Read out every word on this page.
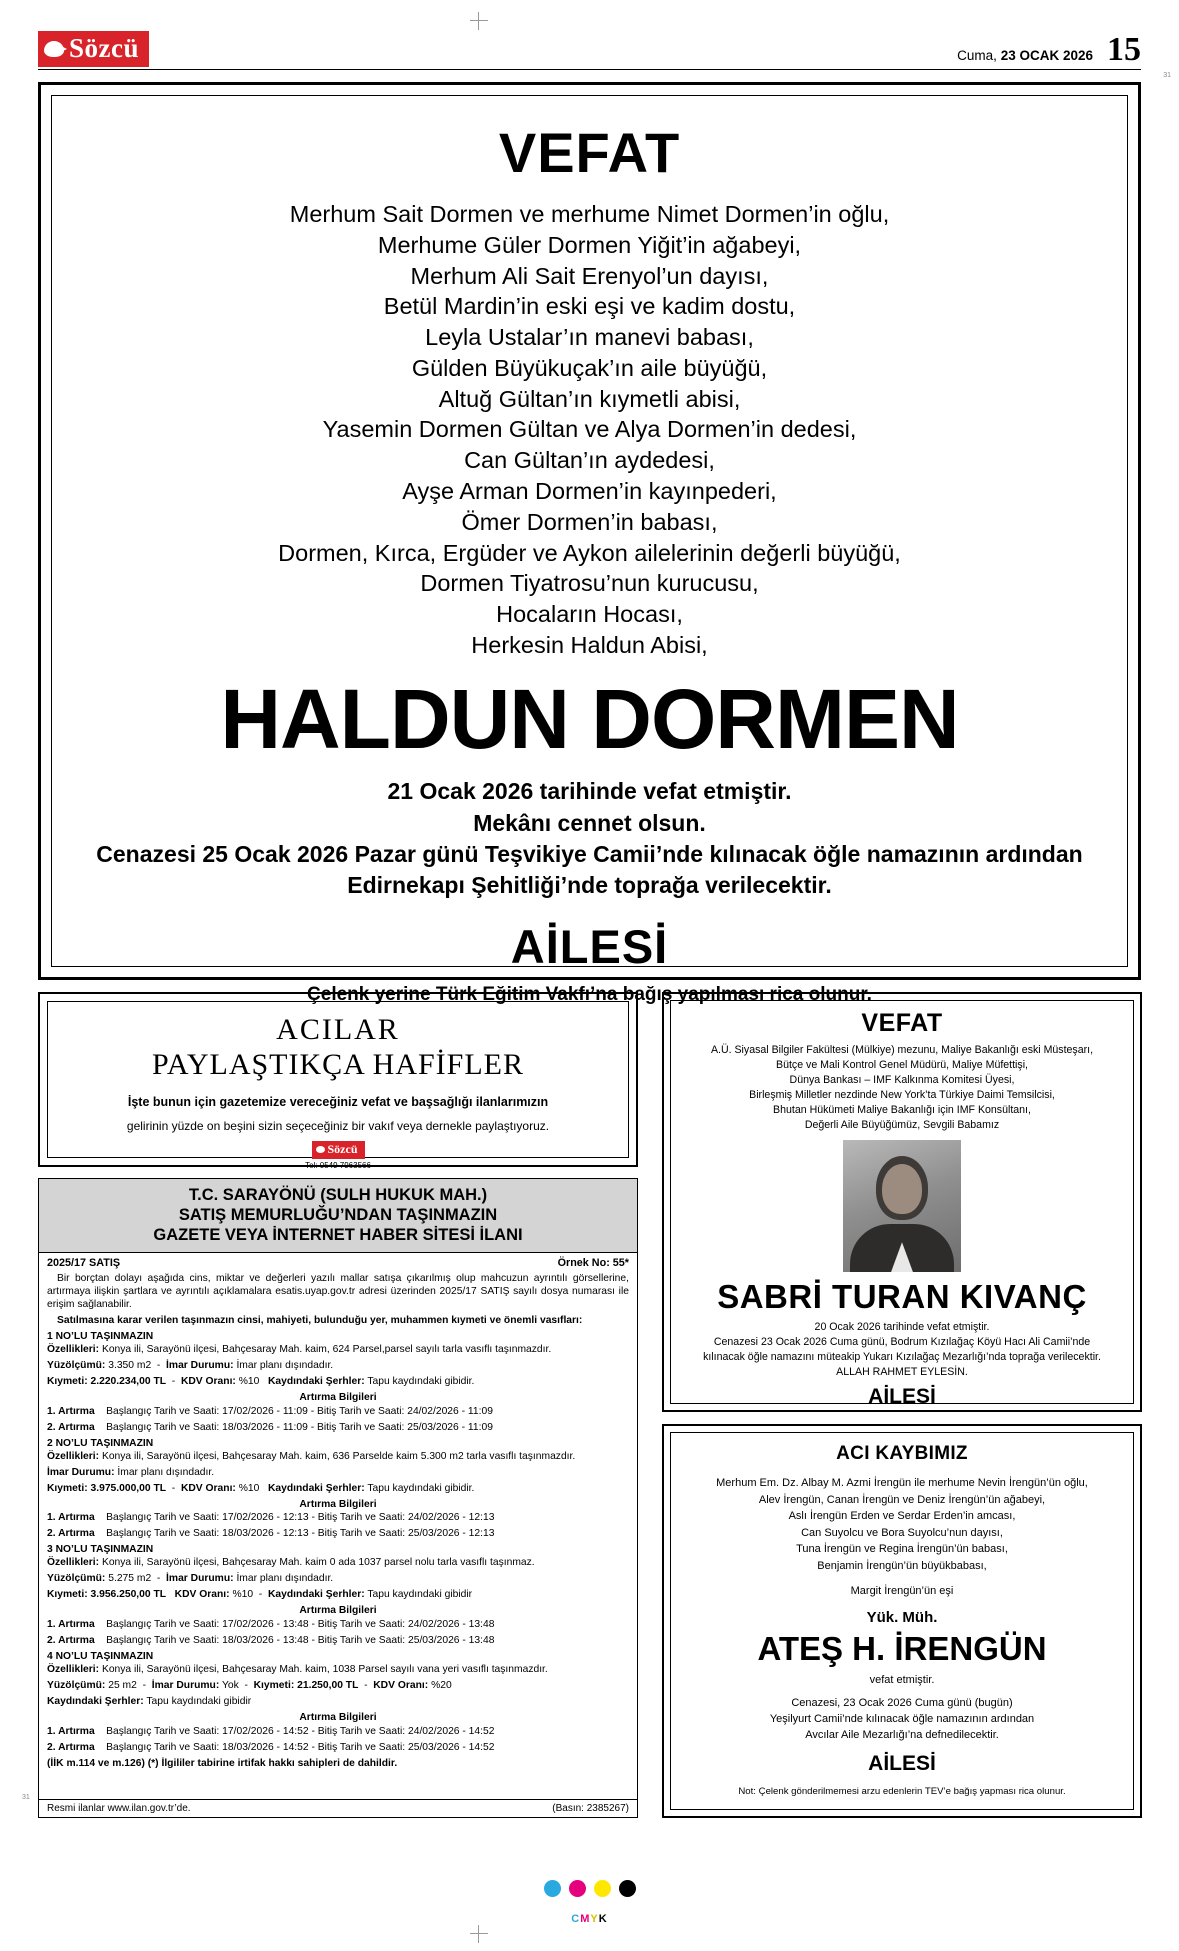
31
31
Sözcü	Cuma, 23 OCAK 2026 15
VEFAT
Merhum Sait Dormen ve merhume Nimet Dormen’in oğlu,
Merhume Güler Dormen Yiğit’in ağabeyi,
Merhum Ali Sait Erenyol’un dayısı,
Betül Mardin’in eski eşi ve kadim dostu,
Leyla Ustalar’ın manevi babası,
Gülden Büyükuçak’ın aile büyüğü,
Altuğ Gültan’ın kıymetli abisi,
Yasemin Dormen Gültan ve Alya Dormen’in dedesi,
Can Gültan’ın aydedesi,
Ayşe Arman Dormen’in kayınpederi,
Ömer Dormen’in babası,
Dormen, Kırca, Ergüder ve Aykon ailelerinin değerli büyüğü,
Dormen Tiyatrosu’nun kurucusu,
Hocaların Hocası,
Herkesin Haldun Abisi,
HALDUN DORMEN
21 Ocak 2026 tarihinde vefat etmiştir.
Mekânı cennet olsun.
Cenazesi 25 Ocak 2026 Pazar günü Teşvikiye Camii’nde kılınacak öğle namazının ardından
Edirnekapı Şehitliği’nde toprağa verilecektir.
AİLESİ
Çelenk yerine Türk Eğitim Vakfı’na bağış yapılması rica olunur.
ACILAR
PAYLAŞTIKÇA HAFİFLER
İşte bunun için gazetemize vereceğiniz vefat ve başsağlığı ilanlarımızın
gelirinin yüzde on beşini sizin seçeceğiniz bir vakıf veya dernekle paylaştıyoruz.
Sözcü
Tel: 0549 7963566
T.C. SARAYÖNÜ (SULH HUKUK MAH.)
SATIŞ MEMURLUĞU’NDAN TAŞINMAZIN
GAZETE VEYA İNTERNET HABER SİTESİ İLANI
2025/17 SATIŞ	Örnek No: 55*

Bir borçtan dolayı aşağıda cins, miktar ve değerleri yazılı mallar satışa çıkarılmış olup mahcuzun ayrıntılı görsellerine, artırmaya ilişkin şartlara ve ayrıntılı açıklamalara esatis.uyap.gov.tr adresi üzerinden 2025/17 SATIŞ sayılı dosya numarası ile erişim sağlanabilir.

Satılmasına karar verilen taşınmazın cinsi, mahiyeti, bulunduğu yer, muhammen kıymeti ve önemli vasıfları:

1 NO’LU TAŞINMAZIN

Özellikleri: Konya ili, Sarayönü ilçesi, Bahçesaray Mah. kaim, 624 Parsel,parsel sayılı tarla vasıflı taşınmazdır.

Yüzölçümü: 3.350 m2  -  İmar Durumu: İmar planı dışındadır.

Kıymeti: 2.220.234,00 TL  -  KDV Oranı: %10 Kaydındaki Şerhler: Tapu kaydındaki gibidir.

Artırma Bilgileri

1. Artırma Başlangıç Tarih ve Saati: 17/02/2026 - 11:09 - Bitiş Tarih ve Saati: 24/02/2026 - 11:09

2. Artırma Başlangıç Tarih ve Saati: 18/03/2026 - 11:09 - Bitiş Tarih ve Saati: 25/03/2026 - 11:09

2 NO’LU TAŞINMAZIN

Özellikleri: Konya ili, Sarayönü ilçesi, Bahçesaray Mah. kaim, 636 Parselde kaim 5.300 m2 tarla vasıflı taşınmazdır.

İmar Durumu: İmar planı dışındadır.

Kıymeti: 3.975.000,00 TL  -  KDV Oranı: %10 Kaydındaki Şerhler: Tapu kaydındaki gibidir.

Artırma Bilgileri

1. Artırma Başlangıç Tarih ve Saati: 17/02/2026 - 12:13 - Bitiş Tarih ve Saati: 24/02/2026 - 12:13

2. Artırma Başlangıç Tarih ve Saati: 18/03/2026 - 12:13 - Bitiş Tarih ve Saati: 25/03/2026 - 12:13

3 NO’LU TAŞINMAZIN

Özellikleri: Konya ili, Sarayönü ilçesi, Bahçesaray Mah. kaim 0 ada 1037 parsel nolu tarla vasıflı taşınmaz.

Yüzölçümü: 5.275 m2  -  İmar Durumu: İmar planı dışındadır.

Kıymeti: 3.956.250,00 TL KDV Oranı: %10  -  Kaydındaki Şerhler: Tapu kaydındaki gibidir

Artırma Bilgileri

1. Artırma Başlangıç Tarih ve Saati: 17/02/2026 - 13:48 - Bitiş Tarih ve Saati: 24/02/2026 - 13:48

2. Artırma Başlangıç Tarih ve Saati: 18/03/2026 - 13:48 - Bitiş Tarih ve Saati: 25/03/2026 - 13:48

4 NO’LU TAŞINMAZIN

Özellikleri: Konya ili, Sarayönü ilçesi, Bahçesaray Mah. kaim, 1038 Parsel sayılı vana yeri vasıflı taşınmazdır.

Yüzölçümü: 25 m2  -  İmar Durumu: Yok  -  Kıymeti: 21.250,00 TL  -  KDV Oranı: %20

Kaydındaki Şerhler: Tapu kaydındaki gibidir

Artırma Bilgileri

1. Artırma Başlangıç Tarih ve Saati: 17/02/2026 - 14:52 - Bitiş Tarih ve Saati: 24/02/2026 - 14:52

2. Artırma Başlangıç Tarih ve Saati: 18/03/2026 - 14:52 - Bitiş Tarih ve Saati: 25/03/2026 - 14:52

(İİK m.114 ve m.126) (*) İlgililer tabirine irtifak hakkı sahipleri de dahildir.

Resmi ilanlar www.ilan.gov.tr’de.	(Basın: 2385267)
VEFAT
A.Ü. Siyasal Bilgiler Fakültesi (Mülkiye) mezunu, Maliye Bakanlığı eski Müsteşarı,
Bütçe ve Mali Kontrol Genel Müdürü, Maliye Müfettişi,
Dünya Bankası – IMF Kalkınma Komitesi Üyesi,
Birleşmiş Milletler nezdinde New York’ta Türkiye Daimi Temsilcisi,
Bhutan Hükümeti Maliye Bakanlığı için IMF Konsültanı,
Değerli Aile Büyüğümüz, Sevgili Babamız
SABRİ TURAN KIVANÇ
20 Ocak 2026 tarihinde vefat etmiştir.
Cenazesi 23 Ocak 2026 Cuma günü, Bodrum Kızılağaç Köyü Hacı Ali Camii’nde
kılınacak öğle namazını müteakip Yukarı Kızılağaç Mezarlığı’nda toprağa verilecektir.
ALLAH RAHMET EYLESİN.
AİLESİ
ACI KAYBIMIZ
Merhum Em. Dz. Albay M. Azmi İrengün ile merhume Nevin İrengün’ün oğlu,
Alev İrengün, Canan İrengün ve Deniz İrengün’ün ağabeyi,
Aslı İrengün Erden ve Serdar Erden’in amcası,
Can Suyolcu ve Bora Suyolcu’nun dayısı,
Tuna İrengün ve Regina İrengün’ün babası,
Benjamin İrengün’ün büyükbabası,
Margit İrengün’ün eşi
Yük. Müh.
ATEŞ H. İRENGÜN
vefat etmiştir.
Cenazesi, 23 Ocak 2026 Cuma günü (bugün)
Yeşilyurt Camii’nde kılınacak öğle namazının ardından
Avcılar Aile Mezarlığı’na defnedilecektir.
AİLESİ
Not: Çelenk gönderilmemesi arzu edenlerin TEV’e bağış yapması rica olunur.
C M Y K
